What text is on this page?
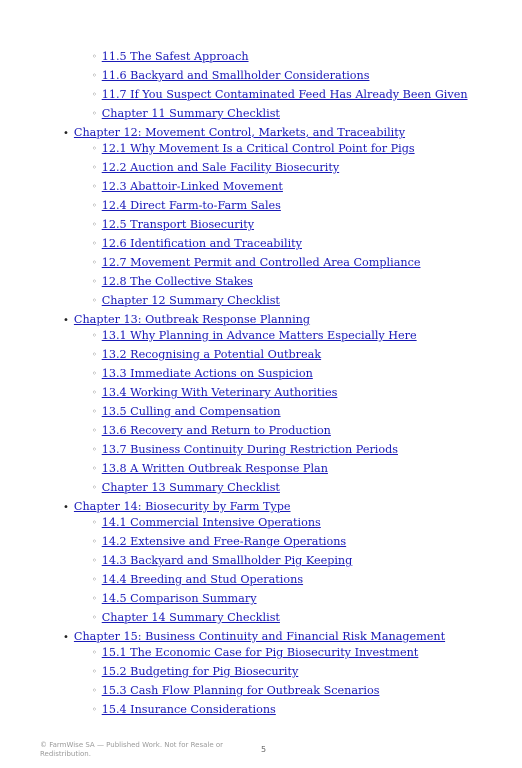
◦ 11.5 The Safest Approach
◦ 11.6 Backyard and Smallholder Considerations
◦ 11.7 If You Suspect Contaminated Feed Has Already Been Given
◦ Chapter 11 Summary Checklist
• Chapter 12: Movement Control, Markets, and Traceability
◦ 12.1 Why Movement Is a Critical Control Point for Pigs
◦ 12.2 Auction and Sale Facility Biosecurity
◦ 12.3 Abattoir-Linked Movement
◦ 12.4 Direct Farm-to-Farm Sales
◦ 12.5 Transport Biosecurity
◦ 12.6 Identification and Traceability
◦ 12.7 Movement Permit and Controlled Area Compliance
◦ 12.8 The Collective Stakes
◦ Chapter 12 Summary Checklist
• Chapter 13: Outbreak Response Planning
◦ 13.1 Why Planning in Advance Matters Especially Here
◦ 13.2 Recognising a Potential Outbreak
◦ 13.3 Immediate Actions on Suspicion
◦ 13.4 Working With Veterinary Authorities
◦ 13.5 Culling and Compensation
◦ 13.6 Recovery and Return to Production
◦ 13.7 Business Continuity During Restriction Periods
◦ 13.8 A Written Outbreak Response Plan
◦ Chapter 13 Summary Checklist
• Chapter 14: Biosecurity by Farm Type
◦ 14.1 Commercial Intensive Operations
◦ 14.2 Extensive and Free-Range Operations
◦ 14.3 Backyard and Smallholder Pig Keeping
◦ 14.4 Breeding and Stud Operations
◦ 14.5 Comparison Summary
◦ Chapter 14 Summary Checklist
• Chapter 15: Business Continuity and Financial Risk Management
◦ 15.1 The Economic Case for Pig Biosecurity Investment
◦ 15.2 Budgeting for Pig Biosecurity
◦ 15.3 Cash Flow Planning for Outbreak Scenarios
◦ 15.4 Insurance Considerations
© FarmWise SA — Published Work. Not for Resale or Redistribution.	5
